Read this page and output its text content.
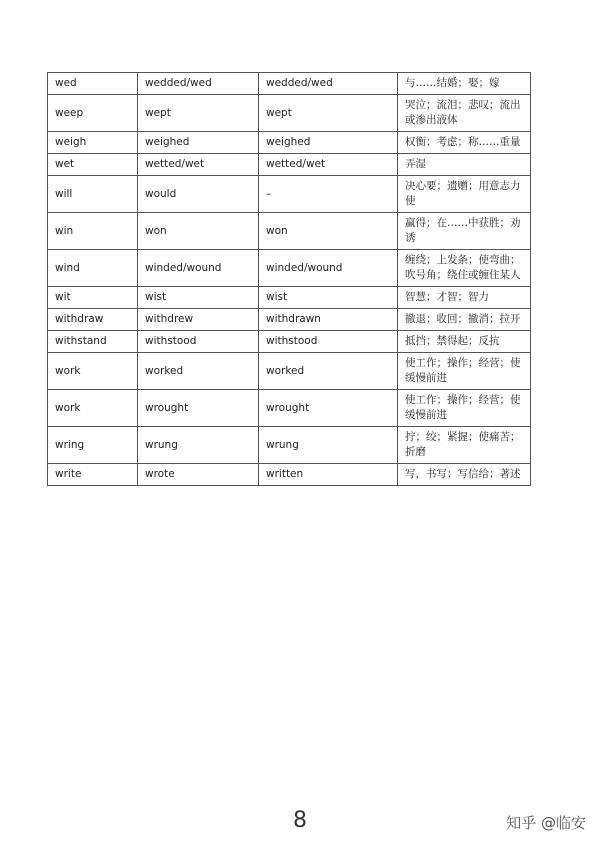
wed	wedded/wed	wedded/wed	与……结婚；娶；嫁
weep	wept	wept	哭泣；流泪；悲叹；流出或渗出液体
weigh	weighed	weighed	权衡；考虑；称……重量
wet	wetted/wet	wetted/wet	弄湿
will	would	–	决心要；遗赠；用意志力使
win	won	won	赢得；在……中获胜；劝诱
wind	winded/wound	winded/wound	缠绕；上发条；使弯曲；吹号角；绕住或缠住某人
wit	wist	wist	智慧；才智；智力
withdraw	withdrew	withdrawn	撤退；收回；撤消；拉开
withstand	withstood	withstood	抵挡；禁得起；反抗
work	worked	worked	使工作；操作；经营；使缓慢前进
work	wrought	wrought	使工作；操作；经营；使缓慢前进
wring	wrung	wrung	拧；绞；紧握；使痛苦；折磨
write	wrote	written	写，书写；写信给；著述
8	知乎 @临安
